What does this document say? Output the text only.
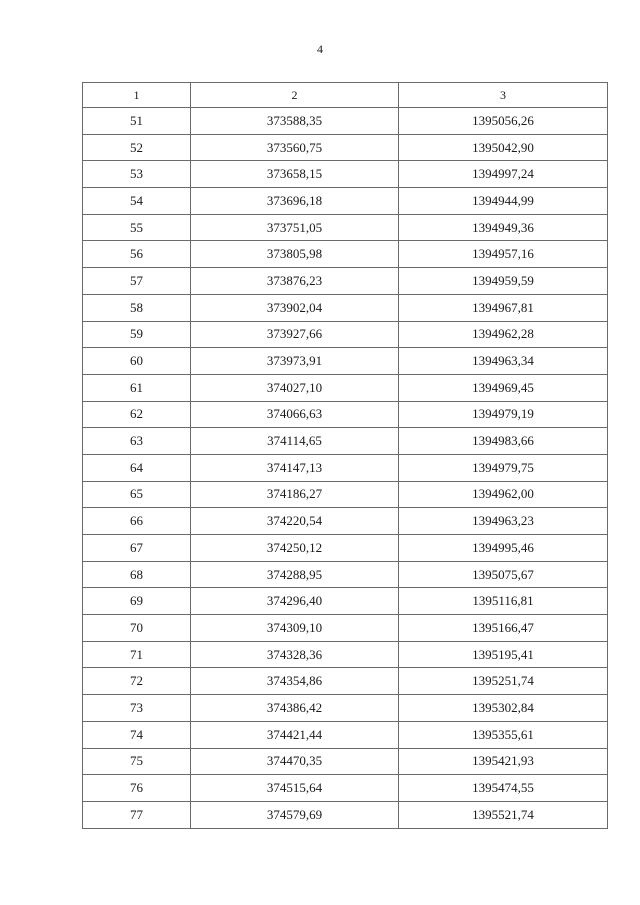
4
1	2	3
51	373588,35	1395056,26
52	373560,75	1395042,90
53	373658,15	1394997,24
54	373696,18	1394944,99
55	373751,05	1394949,36
56	373805,98	1394957,16
57	373876,23	1394959,59
58	373902,04	1394967,81
59	373927,66	1394962,28
60	373973,91	1394963,34
61	374027,10	1394969,45
62	374066,63	1394979,19
63	374114,65	1394983,66
64	374147,13	1394979,75
65	374186,27	1394962,00
66	374220,54	1394963,23
67	374250,12	1394995,46
68	374288,95	1395075,67
69	374296,40	1395116,81
70	374309,10	1395166,47
71	374328,36	1395195,41
72	374354,86	1395251,74
73	374386,42	1395302,84
74	374421,44	1395355,61
75	374470,35	1395421,93
76	374515,64	1395474,55
77	374579,69	1395521,74
